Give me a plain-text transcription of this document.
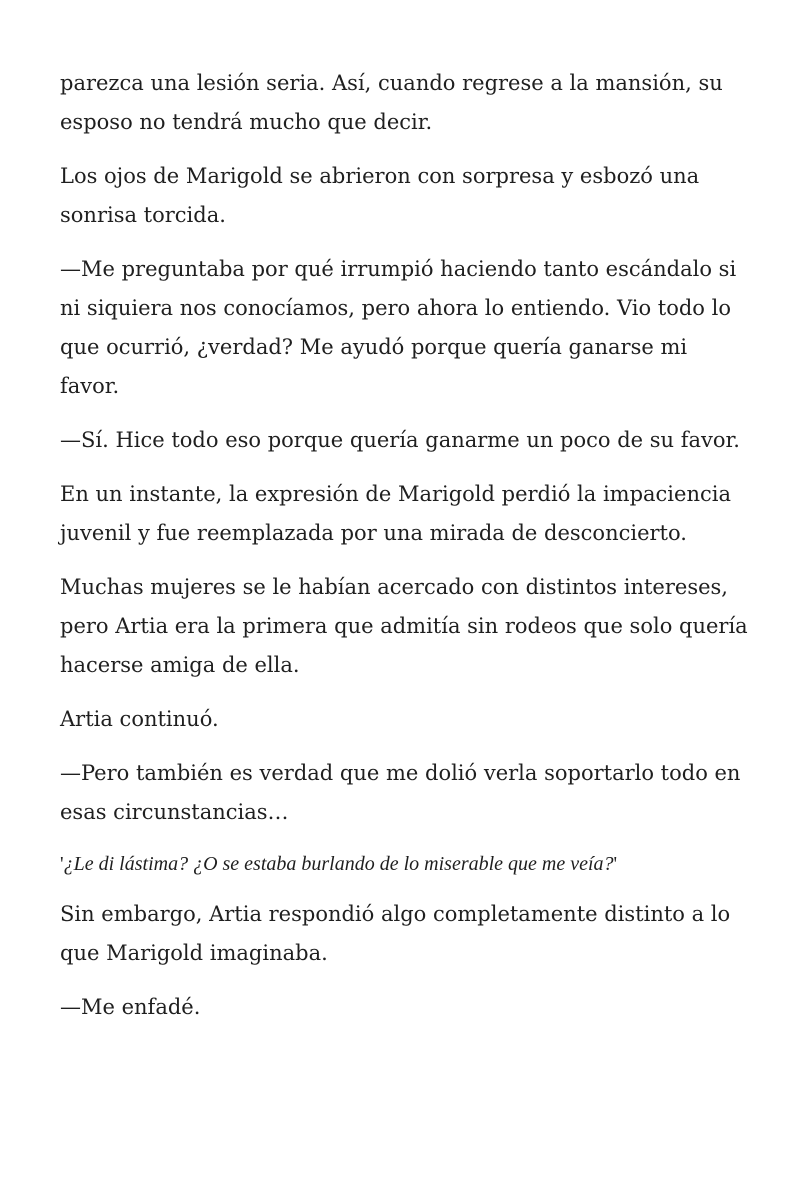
parezca una lesión seria. Así, cuando regrese a la mansión, su esposo no tendrá mucho que decir.

Los ojos de Marigold se abrieron con sorpresa y esbozó una sonrisa torcida.

—Me preguntaba por qué irrumpió haciendo tanto escándalo si ni siquiera nos conocíamos, pero ahora lo entiendo. Vio todo lo que ocurrió, ¿verdad? Me ayudó porque quería ganarse mi favor.

—Sí. Hice todo eso porque quería ganarme un poco de su favor.

En un instante, la expresión de Marigold perdió la impaciencia juvenil y fue reemplazada por una mirada de desconcierto.

Muchas mujeres se le habían acercado con distintos intereses, pero Artia era la primera que admitía sin rodeos que solo quería hacerse amiga de ella.

Artia continuó.

—Pero también es verdad que me dolió verla soportarlo todo en esas circunstancias…

'¿Le di lástima? ¿O se estaba burlando de lo miserable que me veía?'

Sin embargo, Artia respondió algo completamente distinto a lo que Marigold imaginaba.

—Me enfadé.
